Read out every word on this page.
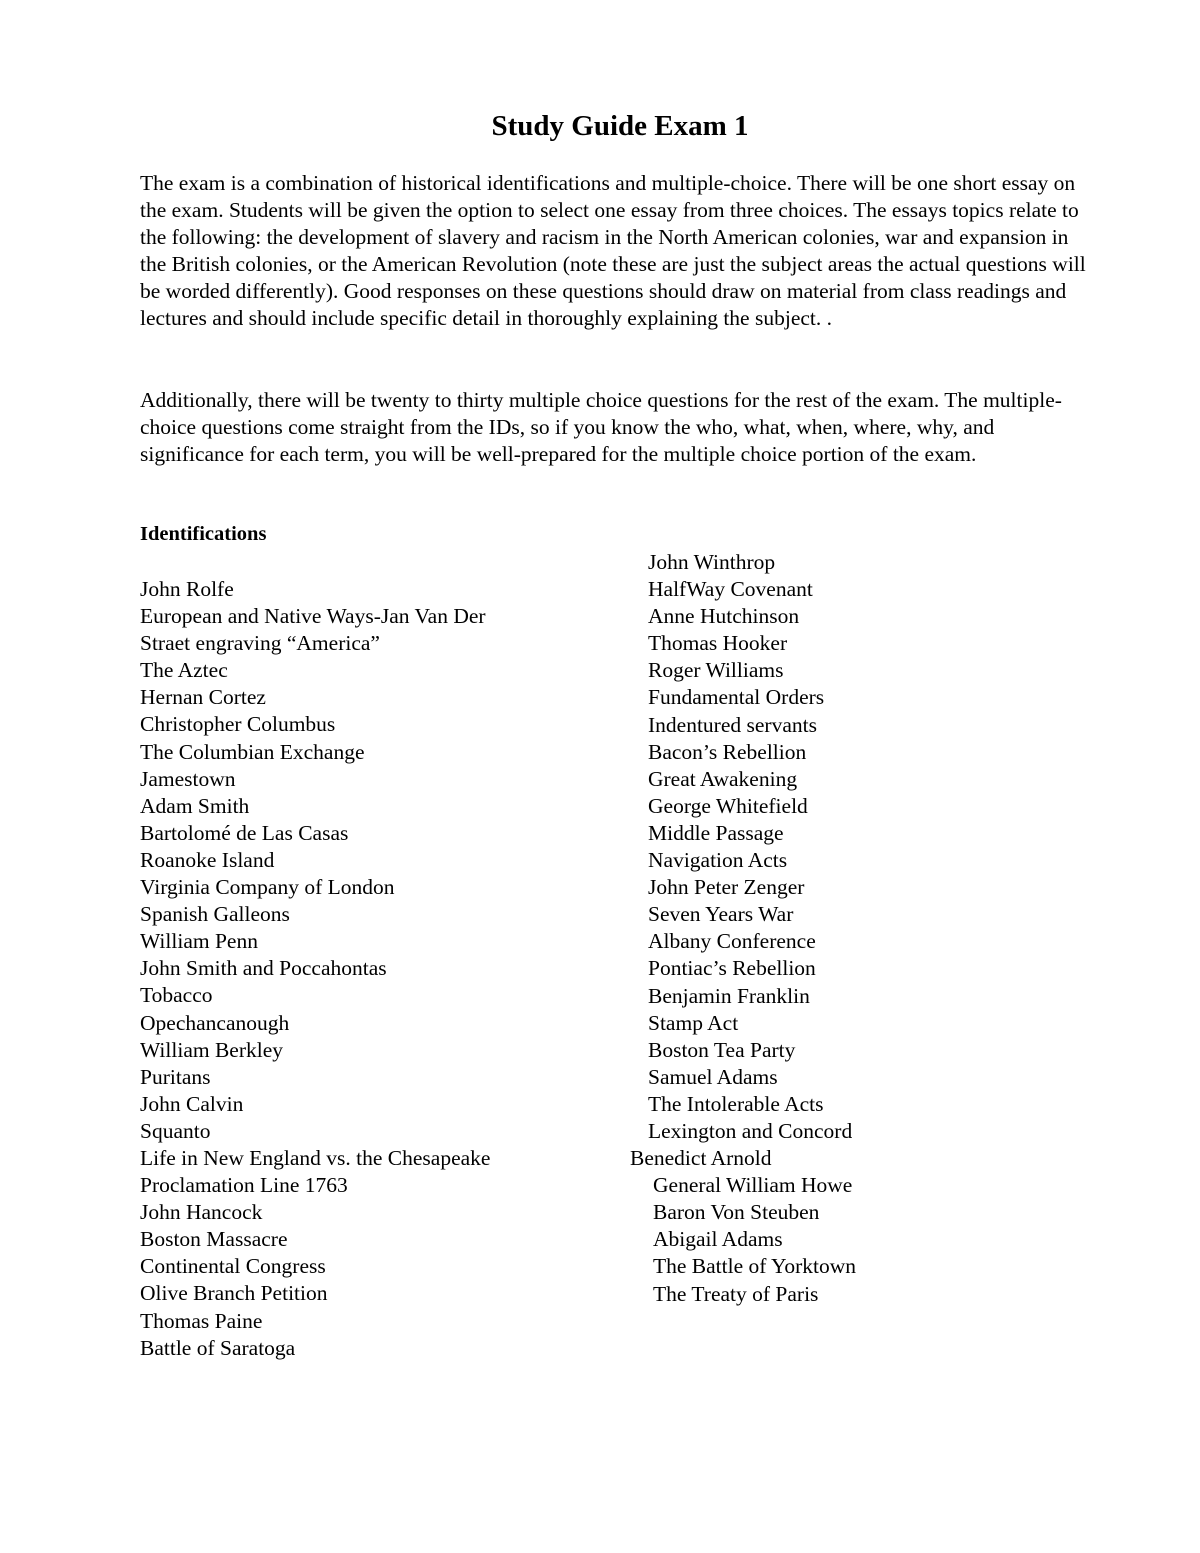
Study Guide Exam 1

The exam is a combination of historical identifications and multiple-choice. There will be one short essay on the exam. Students will be given the option to select one essay from three choices. The essays topics relate to the following: the development of slavery and racism in the North American colonies, war and expansion in the British colonies, or the American Revolution (note these are just the subject areas the actual questions will be worded differently). Good responses on these questions should draw on material from class readings and lectures and should include specific detail in thoroughly explaining the subject. .

Additionally, there will be twenty to thirty multiple choice questions for the rest of the exam. The multiple-choice questions come straight from the IDs, so if you know the who, what, when, where, why, and significance for each term, you will be well-prepared for the multiple choice portion of the exam.

Identifications
John Rolfe
European and Native Ways-Jan Van Der
Straet engraving “America”
The Aztec
Hernan Cortez
Christopher Columbus
The Columbian Exchange
Jamestown
Adam Smith
Bartolomé de Las Casas
Roanoke Island
Virginia Company of London
Spanish Galleons
William Penn
John Smith and Poccahontas
Tobacco
Opechancanough
William Berkley
Puritans
John Calvin
Squanto
Life in New England vs. the Chesapeake
Proclamation Line 1763
John Hancock
Boston Massacre
Continental Congress
Olive Branch Petition
Thomas Paine
Battle of Saratoga
John Winthrop
HalfWay Covenant
Anne Hutchinson
Thomas Hooker
Roger Williams
Fundamental Orders
Indentured servants
Bacon’s Rebellion
Great Awakening
George Whitefield
Middle Passage
Navigation Acts
John Peter Zenger
Seven Years War
Albany Conference
Pontiac’s Rebellion
Benjamin Franklin
Stamp Act
Boston Tea Party
Samuel Adams
The Intolerable Acts
Lexington and Concord
Benedict Arnold
General William Howe
Baron Von Steuben
Abigail Adams
The Battle of Yorktown
The Treaty of Paris
